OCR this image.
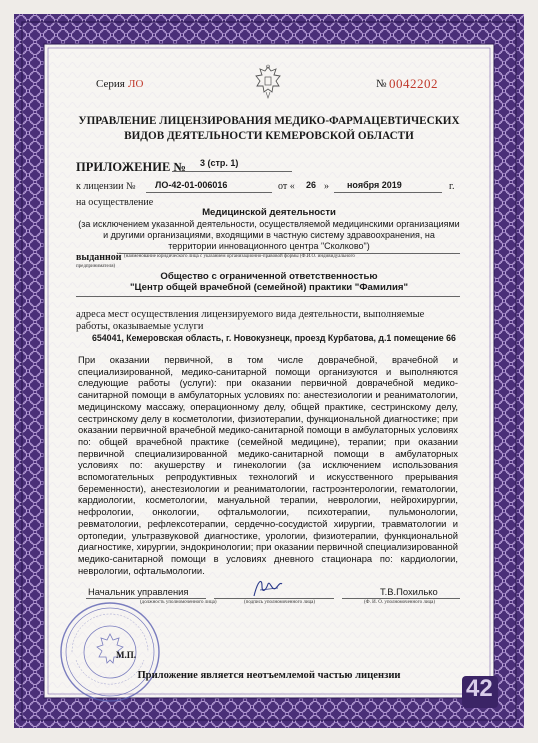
42
Серия ЛО	№ 0042202
УПРАВЛЕНИЕ ЛИЦЕНЗИРОВАНИЯ МЕДИКО-ФАРМАЦЕВТИЧЕСКИХ
ВИДОВ ДЕЯТЕЛЬНОСТИ КЕМЕРОВСКОЙ ОБЛАСТИ
ПРИЛОЖЕНИЕ № 3 (стр. 1)
к лицензии № ЛО-42-01-006016	от « 26 » ноября 2019	г.
на осуществление
Медицинской деятельности
(за исключением указанной деятельности, осуществляемой медицинскими организациями
и другими организациями, входящими в частную систему здравоохранения, на
территории инновационного центра "Сколково")
выданной (наименование юридического лица с указанием организационно-правовой формы (Ф.И.О. индивидуального
предпринимателя)
Общество с ограниченной ответственностью
"Центр общей врачебной (семейной) практики "Фамилия"
адреса мест осуществления лицензируемого вида деятельности, выполняемые
работы, оказываемые услуги
654041, Кемеровская область, г. Новокузнецк, проезд Курбатова, д.1 помещение 66
При оказании первичной, в том числе доврачебной, врачебной и специализированной, медико-санитарной помощи организуются и выполняются следующие работы (услуги): при оказании первичной доврачебной медико-санитарной помощи в амбулаторных условиях по: анестезиологии и реаниматологии, медицинскому массажу, операционному делу, общей практике, сестринскому делу, сестринскому делу в косметологии, физиотерапии, функциональной диагностике; при оказании первичной врачебной медико-санитарной помощи в амбулаторных условиях по: общей врачебной практике (семейной медицине), терапии; при оказании первичной специализированной медико-санитарной помощи в амбулаторных условиях по: акушерству и гинекологии (за исключением использования вспомогательных репродуктивных технологий и искусственного прерывания беременности), анестезиологии и реаниматологии, гастроэнтерологии, гематологии, кардиологии, косметологии, мануальной терапии, неврологии, нейрохирургии, нефрологии, онкологии, офтальмологии, психотерапии, пульмонологии, ревматологии, рефлексотерапии, сердечно-сосудистой хирургии, травматологии и ортопедии, ультразвуковой диагностике, урологии, физиотерапии, функциональной диагностике, хирургии, эндокринологии; при оказании первичной специализированной медико-санитарной помощи в условиях дневного стационара по: кардиологии, неврологии, офтальмологии.
Начальник управления	Т.В.Похилько
(должность уполномоченного лица)	(подпись уполномоченного лица)	(Ф. И. О. уполномоченного лица)
М.П.
Приложение является неотъемлемой частью лицензии
